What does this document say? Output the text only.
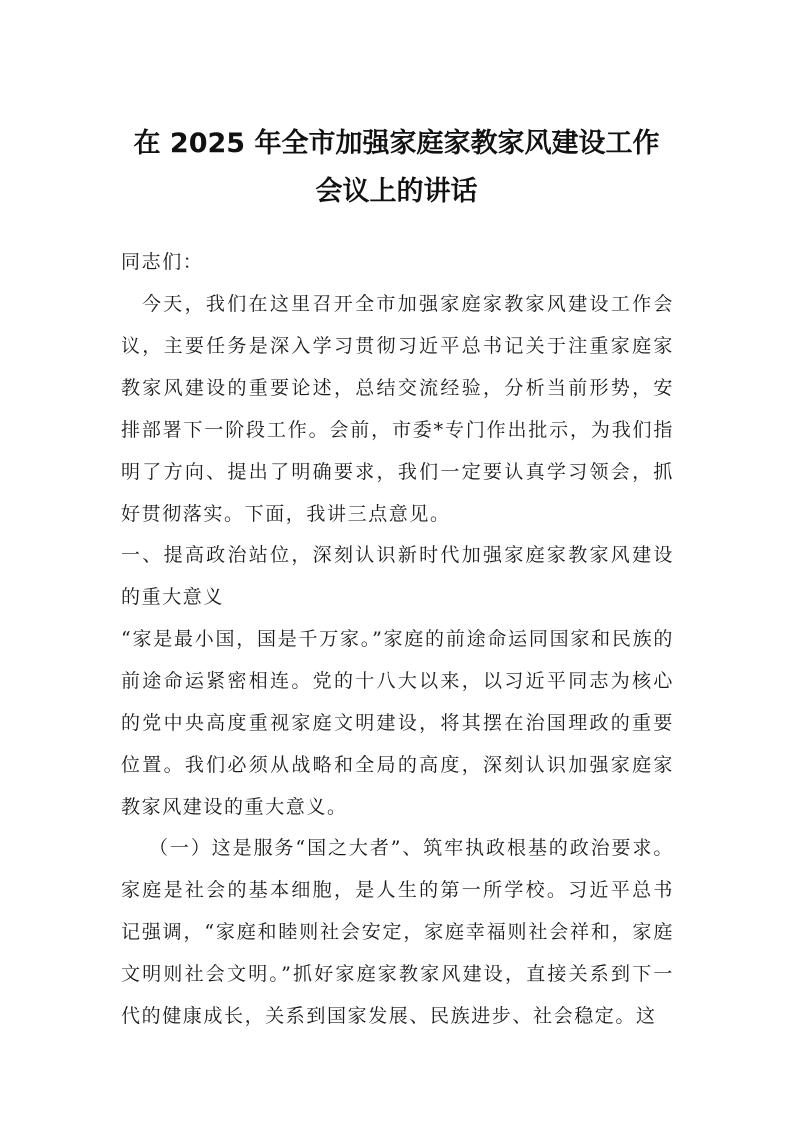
在 2025 年全市加强家庭家教家风建设工作
会议上的讲话
同志们：
今天，我们在这里召开全市加强家庭家教家风建设工作会议，主要任务是深入学习贯彻习近平总书记关于注重家庭家教家风建设的重要论述，总结交流经验，分析当前形势，安排部署下一阶段工作。会前，市委*专门作出批示，为我们指明了方向、提出了明确要求，我们一定要认真学习领会，抓好贯彻落实。下面，我讲三点意见。
一、提高政治站位，深刻认识新时代加强家庭家教家风建设的重大意义
“家是最小国，国是千万家。”家庭的前途命运同国家和民族的前途命运紧密相连。党的十八大以来，以习近平同志为核心的党中央高度重视家庭文明建设，将其摆在治国理政的重要位置。我们必须从战略和全局的高度，深刻认识加强家庭家教家风建设的重大意义。
（一）这是服务“国之大者”、筑牢执政根基的政治要求。家庭是社会的基本细胞，是人生的第一所学校。习近平总书记强调，“家庭和睦则社会安定，家庭幸福则社会祥和，家庭文明则社会文明。”抓好家庭家教家风建设，直接关系到下一代的健康成长，关系到国家发展、民族进步、社会稳定。这
